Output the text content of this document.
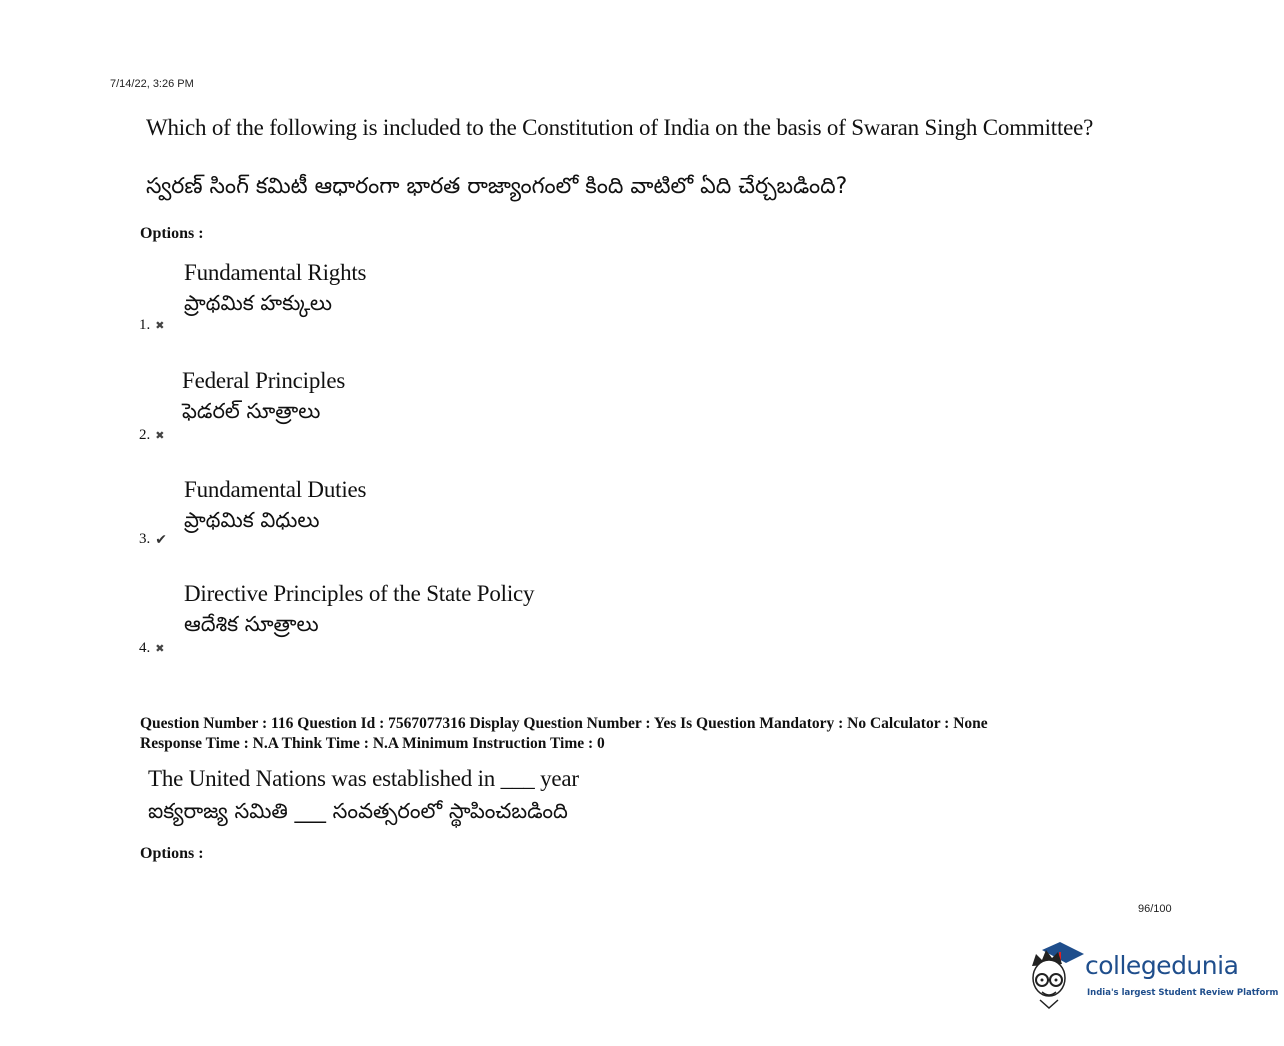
7/14/22, 3:26 PM
Which of the following is included to the Constitution of India on the basis of Swaran Singh Committee?
స్వరణ్ సింగ్ కమిటీ ఆధారంగా భారత రాజ్యాంగంలో కింది వాటిలో ఏది చేర్చబడింది?
Options :
Fundamental Rights
ప్రాథమిక హక్కులు
1. ✖
Federal Principles
ఫెడరల్ సూత్రాలు
2. ✖
Fundamental Duties
ప్రాథమిక విధులు
3. ✔
Directive Principles of the State Policy
ఆదేశిక సూత్రాలు
4. ✖
Question Number : 116 Question Id : 7567077316 Display Question Number : Yes Is Question Mandatory : No Calculator : None
Response Time : N.A Think Time : N.A Minimum Instruction Time : 0
The United Nations was established in ___ year
ఐక్యరాజ్య సమితి ___ సంవత్సరంలో స్థాపించబడింది
Options :
96/100
collegedunia
India's largest Student Review Platform
